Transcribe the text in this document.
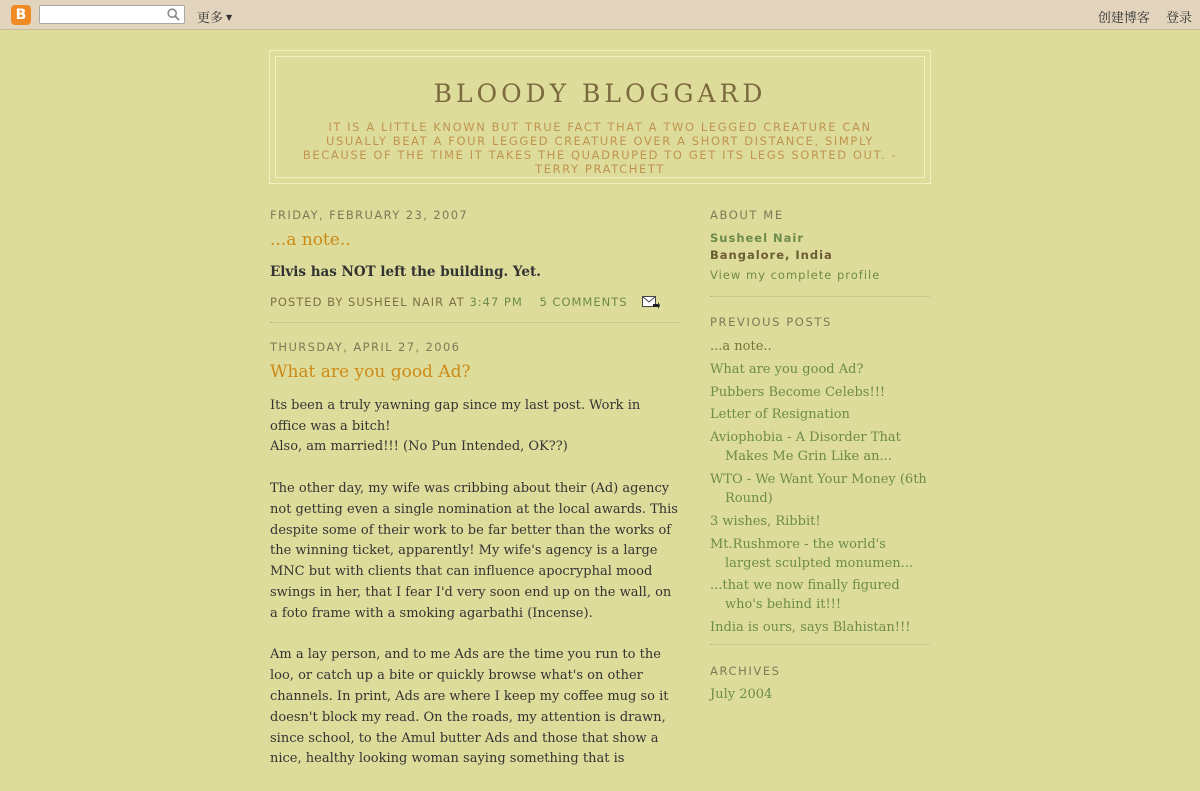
B	更多 ▼	创建博客 登录
BLOODY BLOGGARD
IT IS A LITTLE KNOWN BUT TRUE FACT THAT A TWO LEGGED CREATURE CAN USUALLY BEAT A FOUR LEGGED CREATURE OVER A SHORT DISTANCE, SIMPLY BECAUSE OF THE TIME IT TAKES THE QUADRUPED TO GET ITS LEGS SORTED OUT. - TERRY PRATCHETT
FRIDAY, FEBRUARY 23, 2007
...a note..

Elvis has NOT left the building. Yet.

POSTED BY SUSHEEL NAIR AT 3:47 PM 5 COMMENTS
THURSDAY, APRIL 27, 2006
What are you good Ad?

Its been a truly yawning gap since my last post. Work in office was a bitch!

Also, am married!!! (No Pun Intended, OK??)

The other day, my wife was cribbing about their (Ad) agency not getting even a single nomination at the local awards. This despite some of their work to be far better than the works of the winning ticket, apparently! My wife's agency is a large MNC but with clients that can influence apocryphal mood swings in her, that I fear I'd very soon end up on the wall, on a foto frame with a smoking agarbathi (Incense).

Am a lay person, and to me Ads are the time you run to the loo, or catch up a bite or quickly browse what's on other channels. In print, Ads are where I keep my coffee mug so it doesn't block my read. On the roads, my attention is drawn, since school, to the Amul butter Ads and those that show a nice, healthy looking woman saying something that is

ABOUT ME
Susheel Nair
Bangalore, India
View my complete profile
PREVIOUS POSTS
...a note..
What are you good Ad?
Pubbers Become Celebs!!!
Letter of Resignation
Aviophobia - A Disorder That Makes Me Grin Like an...
WTO - We Want Your Money (6th Round)
3 wishes, Ribbit!
Mt.Rushmore - the world's largest sculpted monumen...
...that we now finally figured who's behind it!!!
India is ours, says Blahistan!!!
ARCHIVES
July 2004
